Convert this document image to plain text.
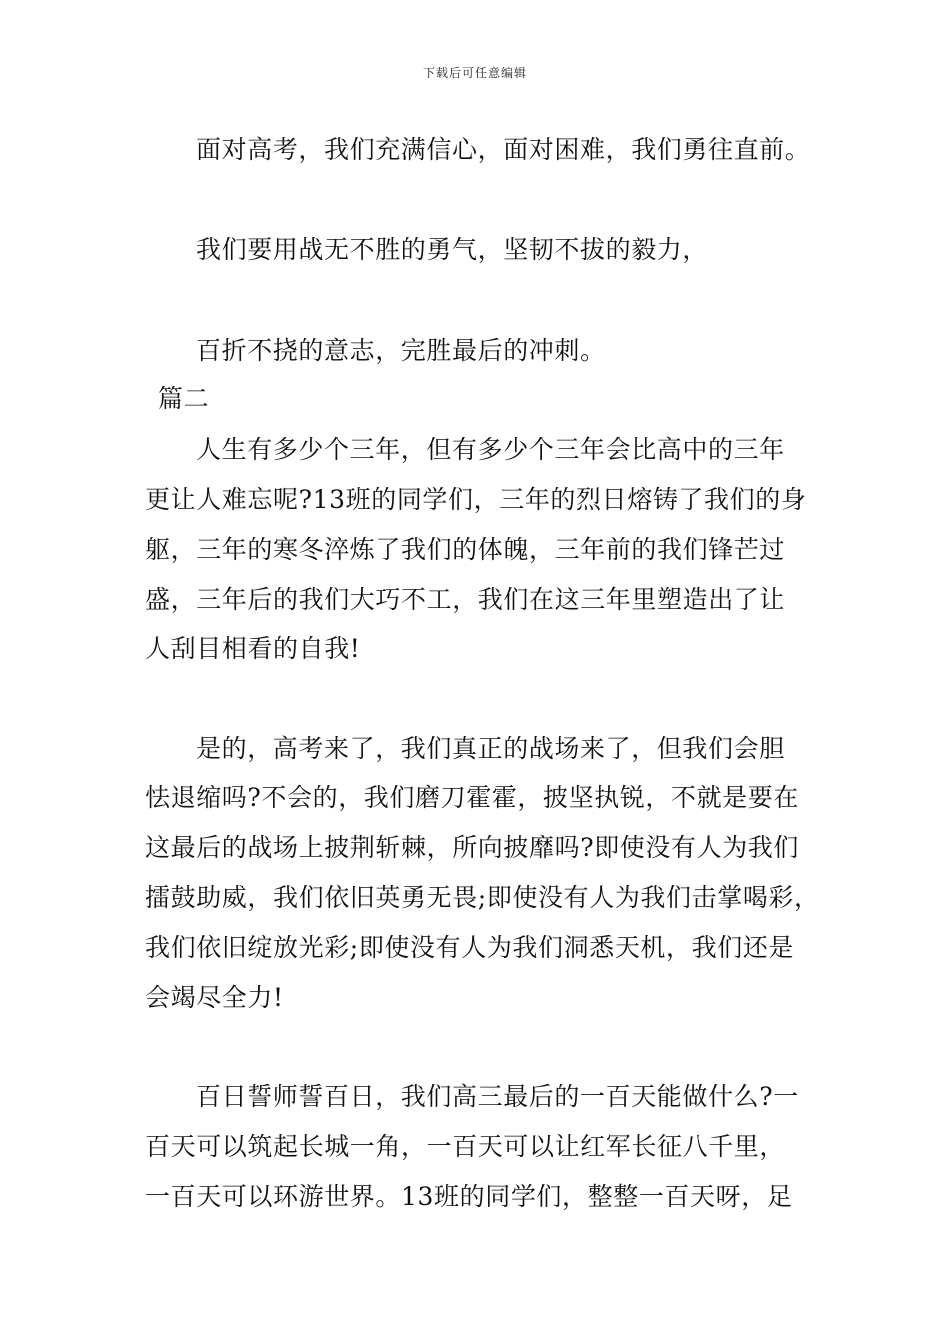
下载后可任意编辑
面对高考，我们充满信心，面对困难，我们勇往直前。
我们要用战无不胜的勇气，坚韧不拔的毅力，
百折不挠的意志，完胜最后的冲刺。
篇二
人生有多少个三年，但有多少个三年会比高中的三年
更让人难忘呢?13班的同学们，三年的烈日熔铸了我们的身
躯，三年的寒冬淬炼了我们的体魄，三年前的我们锋芒过
盛，三年后的我们大巧不工，我们在这三年里塑造出了让
人刮目相看的自我!
是的，高考来了，我们真正的战场来了，但我们会胆
怯退缩吗?不会的，我们磨刀霍霍，披坚执锐，不就是要在
这最后的战场上披荆斩棘，所向披靡吗?即使没有人为我们
擂鼓助威，我们依旧英勇无畏;即使没有人为我们击掌喝彩，
我们依旧绽放光彩;即使没有人为我们洞悉天机，我们还是
会竭尽全力!
百日誓师誓百日，我们高三最后的一百天能做什么?一
百天可以筑起长城一角，一百天可以让红军长征八千里，
一百天可以环游世界。13班的同学们，整整一百天呀，足
